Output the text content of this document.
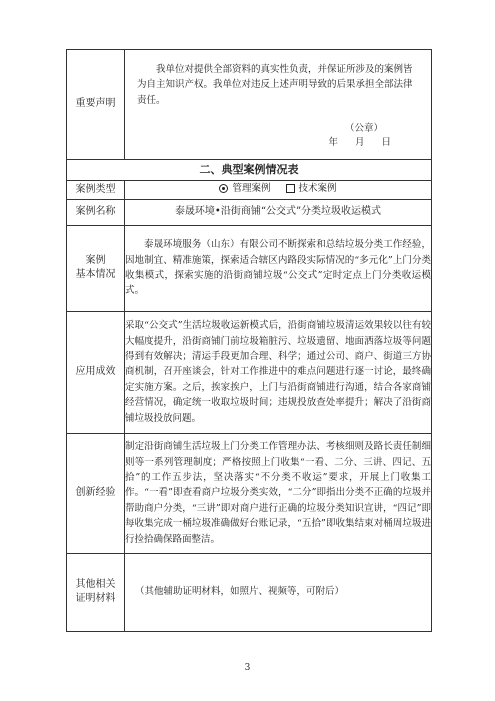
重要声明	我单位对提供全部资料的真实性负责，并保证所涉及的案例皆为自主知识产权。我单位对违反上述声明导致的后果承担全部法律责任。
（公章）
年 月 日

二、典型案例情况表	
案例类型	管理案例
技术案例

案例名称	泰晟环境•沿街商铺“公交式”分类垃圾收运模式

案例
基本情况	泰晟环境服务（山东）有限公司不断探索和总结垃圾分类工作经验，因地制宜、精准施策，探索适合辖区内路段实际情况的“多元化”上门分类收集模式，探索实施的沿街商铺垃圾“公交式”定时定点上门分类收运模式。
应用成效	采取“公交式”生活垃圾收运新模式后，沿街商铺垃圾清运效果较以往有较大幅度提升，沿街商铺门前垃圾箱脏污、垃圾遗留、地面洒落垃圾等问题得到有效解决；清运手段更加合理、科学；通过公司、商户、街道三方协商机制，召开座谈会，针对工作推进中的难点问题进行逐一讨论，最终确定实施方案。之后，挨家挨户，上门与沿街商铺进行沟通，结合各家商铺经营情况，确定统一收取垃圾时间；违规投放查处率提升；解决了沿街商铺垃圾投放问题。
创新经验	制定沿街商铺生活垃圾上门分类工作管理办法、考核细则及路长责任制细则等一系列管理制度；严格按照上门收集“一看、二分、三讲、四记、五拾”的工作五步法，坚决落实“不分类不收运”要求，开展上门收集工作。“一看”即查看商户垃圾分类实效，“二分”即指出分类不正确的垃圾并帮助商户分类，“三讲”即对商户进行正确的垃圾分类知识宣讲，“四记”即每收集完成一桶垃圾准确做好台账记录，“五拾”即收集结束对桶周垃圾进行捡拾确保路面整洁。

其他相关
证明材料	（其他辅助证明材料，如照片、视频等，可附后）
3
